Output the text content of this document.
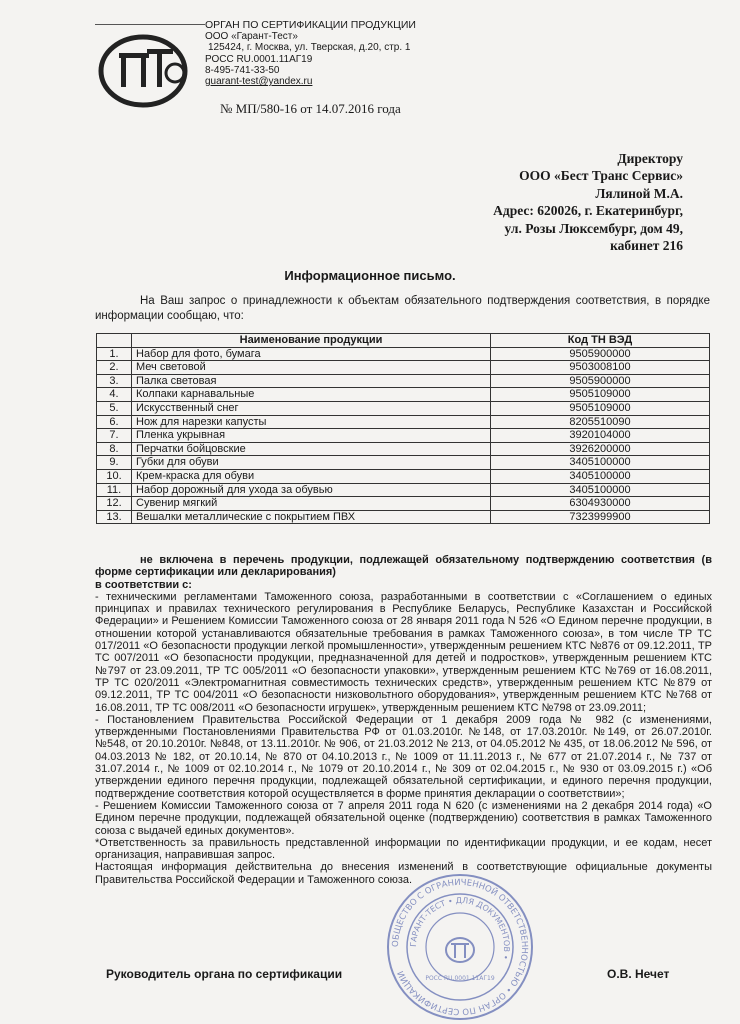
ОРГАН ПО СЕРТИФИКАЦИИ ПРОДУКЦИИ
ООО «Гарант-Тест»
125424, г. Москва, ул. Тверская, д.20, стр. 1
РОСС RU.0001.11АГ19
8-495-741-33-50
guarant-test@yandex.ru
№ МП/580-16 от 14.07.2016 года
Директору
ООО «Бест Транс Сервис»
Лялиной М.А.
Адрес: 620026, г. Екатеринбург,
ул. Розы Люксембург, дом 49,
кабинет 216
Информационное письмо.
На Ваш запрос о принадлежности к объектам обязательного подтверждения соответствия, в порядке информации сообщаю, что:
	Наименование продукции	Код ТН ВЭД
1.	Набор для фото, бумага	9505900000
2.	Меч световой	9503008100
3.	Палка световая	9505900000
4.	Колпаки карнавальные	9505109000
5.	Искусственный снег	9505109000
6.	Нож для нарезки капусты	8205510090
7.	Пленка укрывная	3920104000
8.	Перчатки бойцовские	3926200000
9.	Губки для обуви	3405100000
10.	Крем-краска для обуви	3405100000
11.	Набор дорожный для ухода за обувью	3405100000
12.	Сувенир мягкий	6304930000
13.	Вешалки металлические с покрытием ПВХ	7323999900

не включена в перечень продукции, подлежащей обязательному подтверждению соответствия (в форме сертификации или декларирования)

в соответствии с:

- техническими регламентами Таможенного союза, разработанными в соответствии с «Соглашением о единых принципах и правилах технического регулирования в Республике Беларусь, Республике Казахстан и Российской Федерации» и Решением Комиссии Таможенного союза от 28 января 2011 года N 526 «О Едином перечне продукции, в отношении которой устанавливаются обязательные требования в рамках Таможенного союза», в том числе ТР ТС 017/2011 «О безопасности продукции легкой промышленности», утвержденным решением КТС №876 от 09.12.2011, ТР ТС 007/2011 «О безопасности продукции, предназначенной для детей и подростков», утвержденным решением КТС №797 от 23.09.2011, ТР ТС 005/2011 «О безопасности упаковки», утвержденным решением КТС №769 от 16.08.2011, ТР ТС 020/2011 «Электромагнитная совместимость технических средств», утвержденным решением КТС №879 от 09.12.2011, ТР ТС 004/2011 «О безопасности низковольтного оборудования», утвержденным решением КТС №768 от 16.08.2011, ТР ТС 008/2011 «О безопасности игрушек», утвержденным решением КТС №798 от 23.09.2011;

- Постановлением Правительства Российской Федерации от 1 декабря 2009 года № 982 (с изменениями, утвержденными Постановлениями Правительства РФ от 01.03.2010г. №148, от 17.03.2010г. №149, от 26.07.2010г. №548, от 20.10.2010г. №848, от 13.11.2010г. № 906, от 21.03.2012 № 213, от 04.05.2012 № 435, от 18.06.2012 № 596, от 04.03.2013 № 182, от 20.10.14, № 870 от 04.10.2013 г., № 1009 от 11.11.2013 г., № 677 от 21.07.2014 г., № 737 от 31.07.2014 г., № 1009 от 02.10.2014 г., № 1079 от 20.10.2014 г., № 309 от 02.04.2015 г., № 930 от 03.09.2015 г.) «Об утверждении единого перечня продукции, подлежащей обязательной сертификации, и единого перечня продукции, подтверждение соответствия которой осуществляется в форме принятия декларации о соответствии»;

- Решением Комиссии Таможенного союза от 7 апреля 2011 года N 620 (с изменениями на 2 декабря 2014 года) «О Едином перечне продукции, подлежащей обязательной оценке (подтверждению) соответствия в рамках Таможенного союза с выдачей единых документов».

*Ответственность за правильность представленной информации по идентификации продукции, и ее кодам, несет организация, направившая запрос.

Настоящая информация действительна до внесения изменений в соответствующие официальные документы Правительства Российской Федерации и Таможенного союза.

ОБЩЕСТВО С ОГРАНИЧЕННОЙ ОТВЕТСТВЕННОСТЬЮ • ОРГАН ПО СЕРТИФИКАЦИИ
ГАРАНТ-ТЕСТ • ДЛЯ ДОКУМЕНТОВ •
РОСС RU.0001.11АГ19
Руководитель органа по сертификации	О.В. Нечет
